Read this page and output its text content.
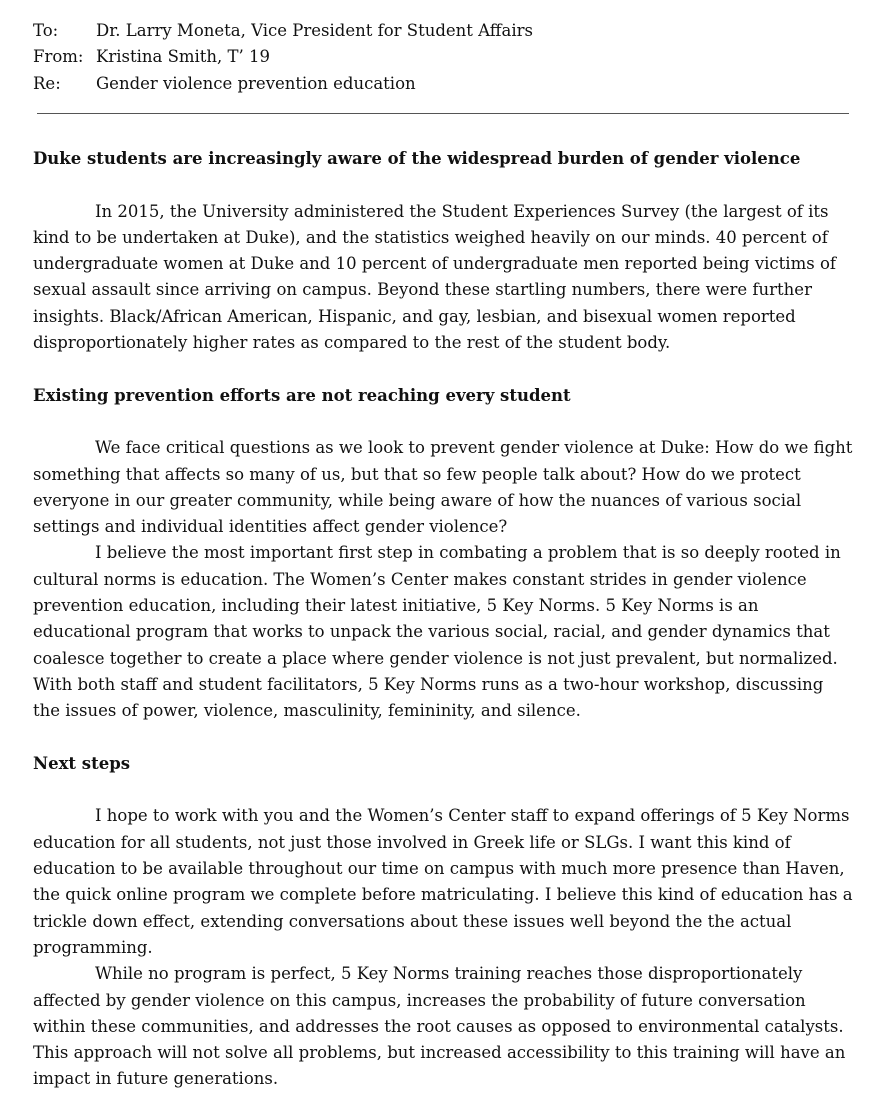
To:	Dr. Larry Moneta, Vice President for Student Affairs
From: Kristina Smith, T’ 19
Re:	Gender violence prevention education

Duke students are increasingly aware of the widespread burden of gender violence

In 2015, the University administered the Student Experiences Survey (the largest of its kind to be undertaken at Duke), and the statistics weighed heavily on our minds. 40 percent of undergraduate women at Duke and 10 percent of undergraduate men reported being victims of sexual assault since arriving on campus. Beyond these startling numbers, there were further insights. Black/African American, Hispanic, and gay, lesbian, and bisexual women reported disproportionately higher rates as compared to the rest of the student body.

Existing prevention efforts are not reaching every student

We face critical questions as we look to prevent gender violence at Duke: How do we fight something that affects so many of us, but that so few people talk about? How do we protect everyone in our greater community, while being aware of how the nuances of various social settings and individual identities affect gender violence?

I believe the most important first step in combating a problem that is so deeply rooted in cultural norms is education. The Women’s Center makes constant strides in gender violence prevention education, including their latest initiative, 5 Key Norms. 5 Key Norms is an educational program that works to unpack the various social, racial, and gender dynamics that coalesce together to create a place where gender violence is not just prevalent, but normalized. With both staff and student facilitators, 5 Key Norms runs as a two-hour workshop, discussing the issues of power, violence, masculinity, femininity, and silence.

Next steps

I hope to work with you and the Women’s Center staff to expand offerings of 5 Key Norms education for all students, not just those involved in Greek life or SLGs. I want this kind of education to be available throughout our time on campus with much more presence than Haven, the quick online program we complete before matriculating. I believe this kind of education has a trickle down effect, extending conversations about these issues well beyond the the actual programming.

While no program is perfect, 5 Key Norms training reaches those disproportionately affected by gender violence on this campus, increases the probability of future conversation within these communities, and addresses the root causes as opposed to environmental catalysts. This approach will not solve all problems, but increased accessibility to this training will have an impact in future generations.
